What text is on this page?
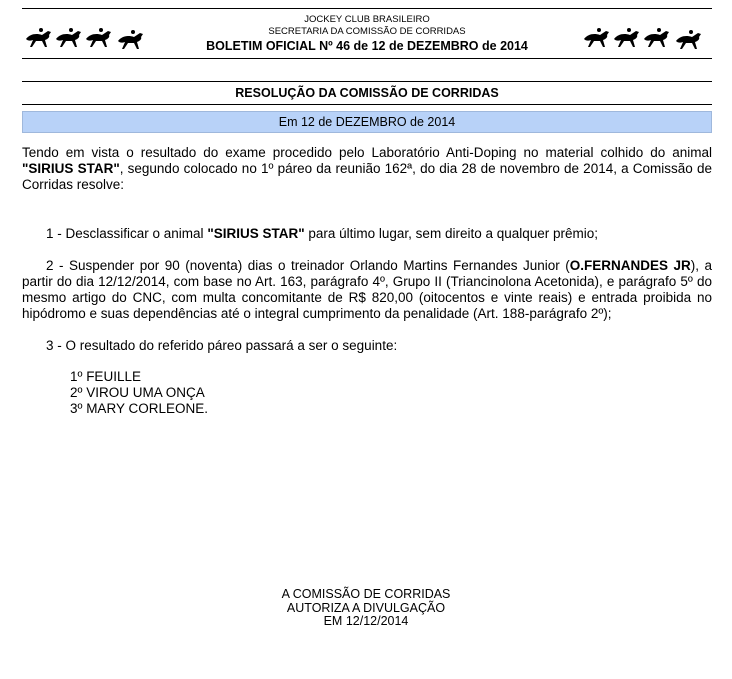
JOCKEY CLUB BRASILEIRO
SECRETARIA DA COMISSÃO DE CORRIDAS
BOLETIM OFICIAL Nº 46 de 12 de DEZEMBRO de 2014
RESOLUÇÃO DA COMISSÃO DE CORRIDAS
Em 12 de DEZEMBRO de 2014
Tendo em vista o resultado do exame procedido pelo Laboratório Anti-Doping no material colhido do animal "SIRIUS STAR", segundo colocado no 1º páreo da reunião 162ª, do dia 28 de novembro de 2014, a Comissão de Corridas resolve:
1 - Desclassificar o animal "SIRIUS STAR" para último lugar, sem direito a qualquer prêmio;
2 - Suspender por 90 (noventa) dias o treinador Orlando Martins Fernandes Junior (O.FERNANDES JR), a partir do dia 12/12/2014, com base no Art. 163, parágrafo 4º, Grupo II (Triancinolona Acetonida), e parágrafo 5º do mesmo artigo do CNC, com multa concomitante de R$ 820,00 (oitocentos e vinte reais) e entrada proibida no hipódromo e suas dependências até o integral cumprimento da penalidade (Art. 188-parágrafo 2º);
3 - O resultado do referido páreo passará a ser o seguinte:
1º FEUILLE
2º VIROU UMA ONÇA
3º MARY CORLEONE.
A COMISSÃO DE CORRIDAS
AUTORIZA A DIVULGAÇÃO
EM 12/12/2014
